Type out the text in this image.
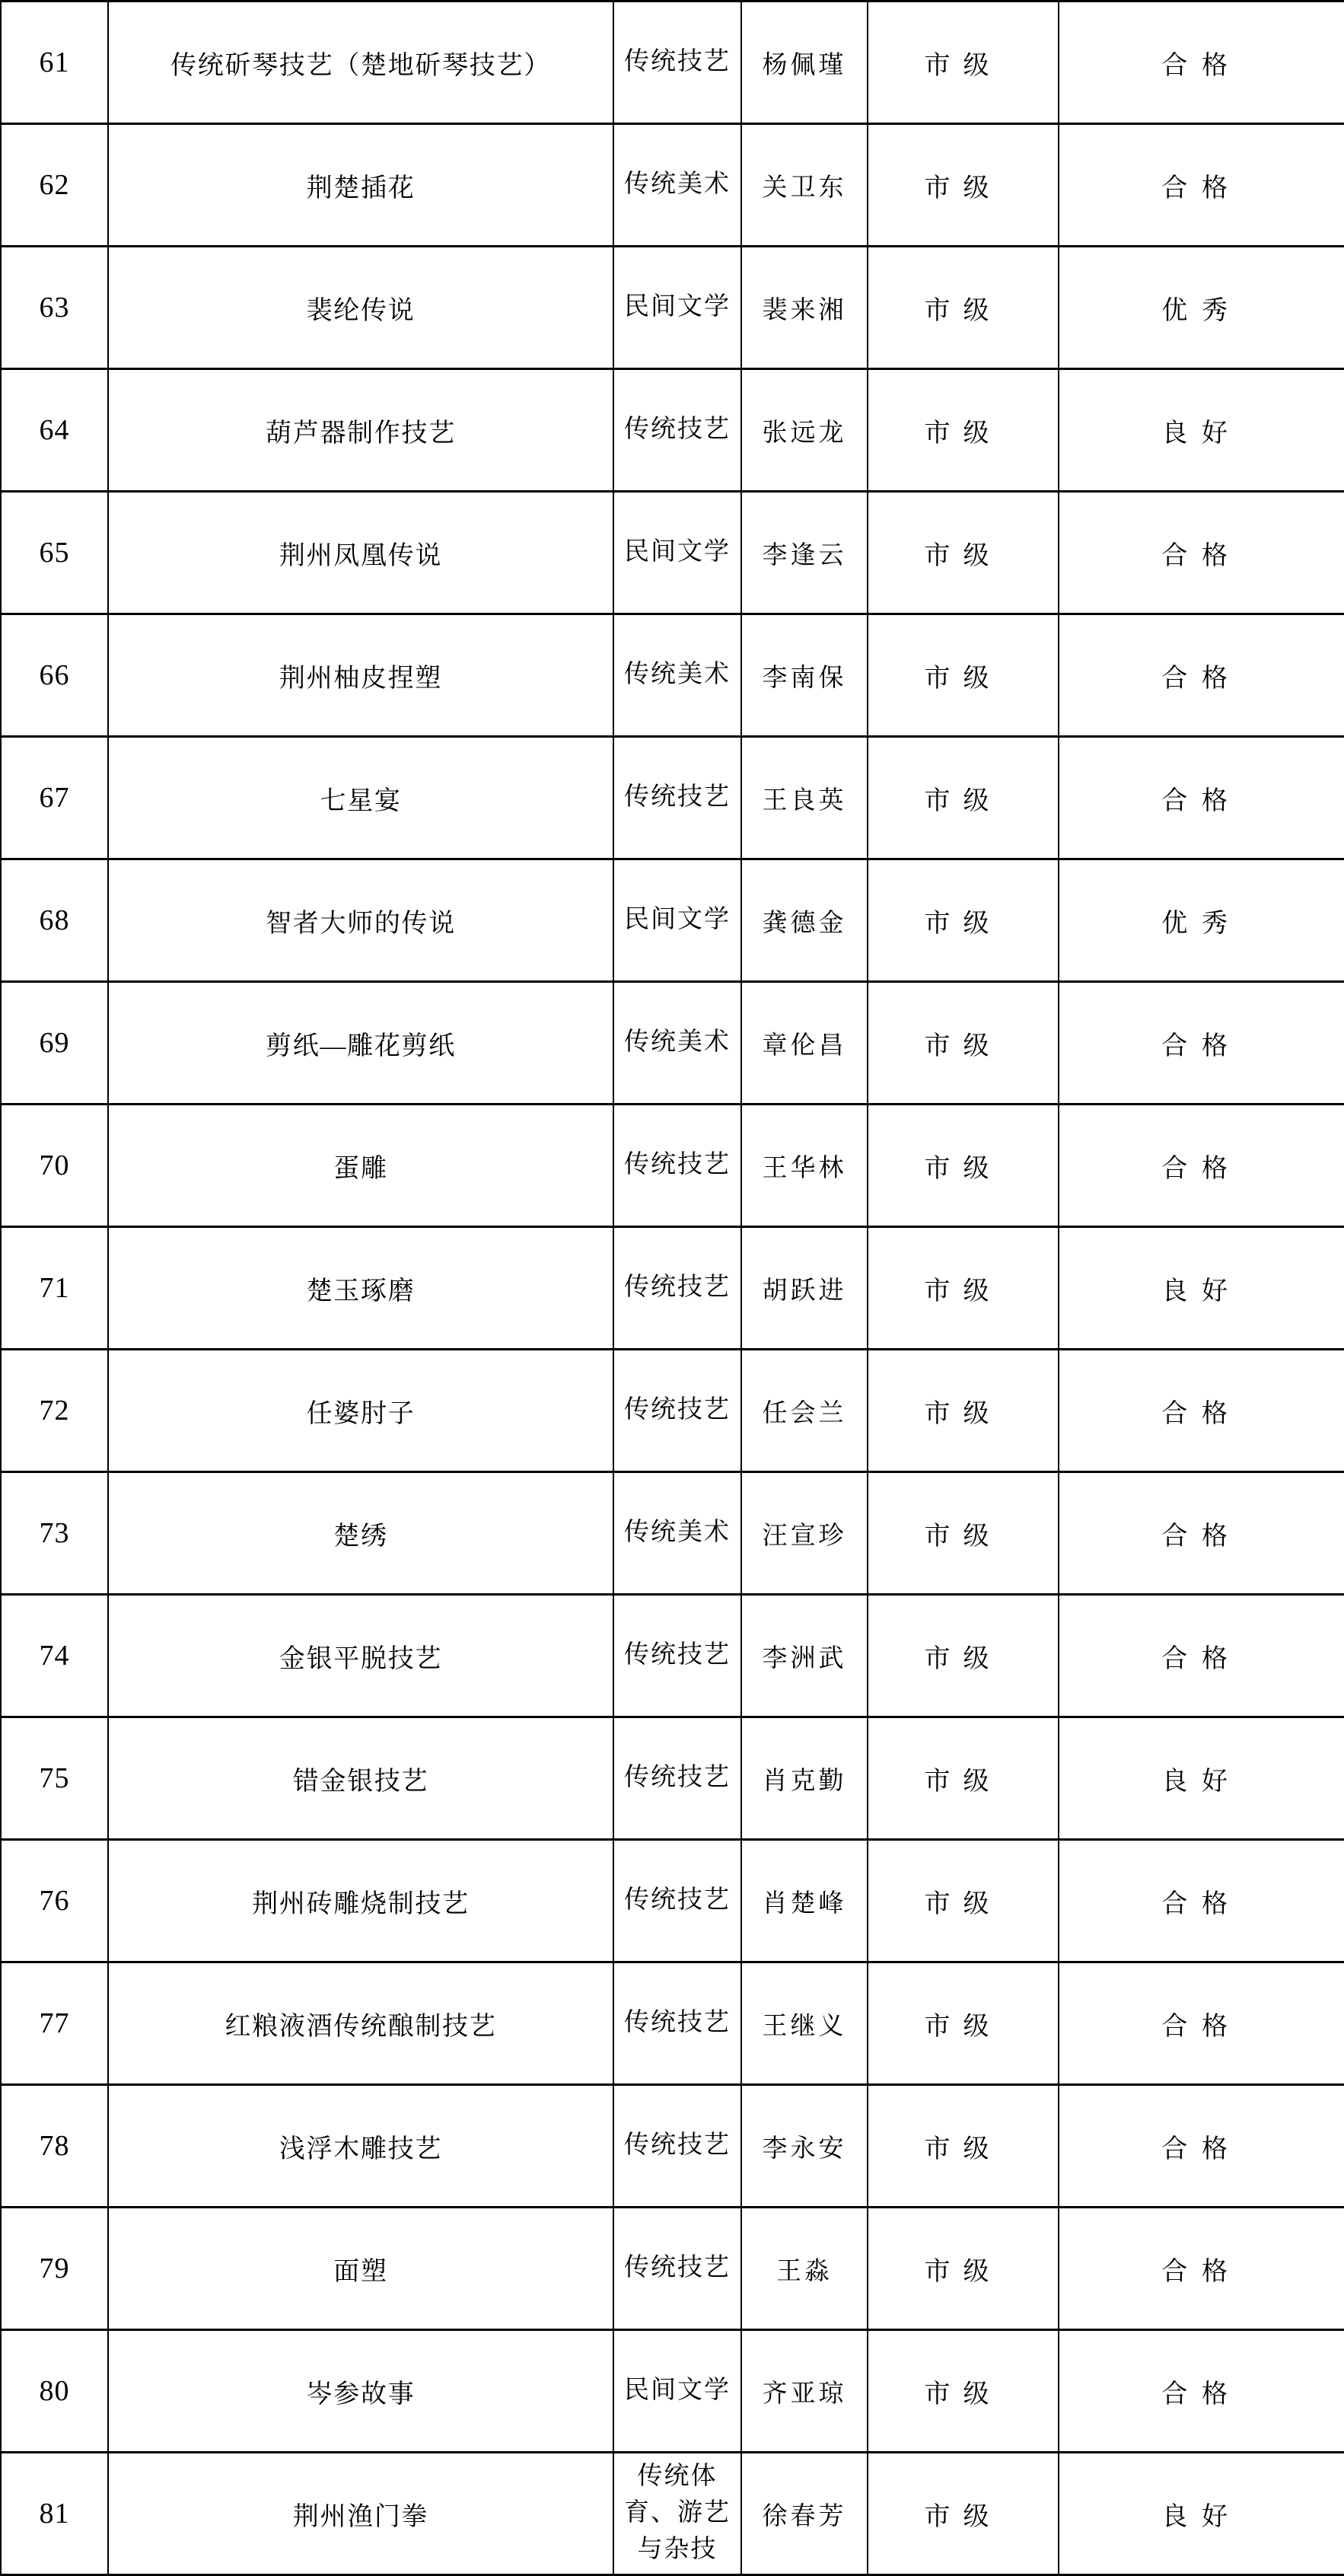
61	传统斫琴技艺（楚地斫琴技艺）	传统技艺	杨佩瑾	市级	合格
62	荆楚插花	传统美术	关卫东	市级	合格
63	裴纶传说	民间文学	裴来湘	市级	优秀
64	葫芦器制作技艺	传统技艺	张远龙	市级	良好
65	荆州凤凰传说	民间文学	李逢云	市级	合格
66	荆州柚皮捏塑	传统美术	李南保	市级	合格
67	七星宴	传统技艺	王良英	市级	合格
68	智者大师的传说	民间文学	龚德金	市级	优秀
69	剪纸—雕花剪纸	传统美术	章伦昌	市级	合格
70	蛋雕	传统技艺	王华林	市级	合格
71	楚玉琢磨	传统技艺	胡跃进	市级	良好
72	任婆肘子	传统技艺	任会兰	市级	合格
73	楚绣	传统美术	汪宣珍	市级	合格
74	金银平脱技艺	传统技艺	李洲武	市级	合格
75	错金银技艺	传统技艺	肖克勤	市级	良好
76	荆州砖雕烧制技艺	传统技艺	肖楚峰	市级	合格
77	红粮液酒传统酿制技艺	传统技艺	王继义	市级	合格
78	浅浮木雕技艺	传统技艺	李永安	市级	合格
79	面塑	传统技艺	王淼	市级	合格
80	岑参故事	民间文学	齐亚琼	市级	合格
81	荆州渔门拳	传统体育、游艺与杂技	徐春芳	市级	良好
